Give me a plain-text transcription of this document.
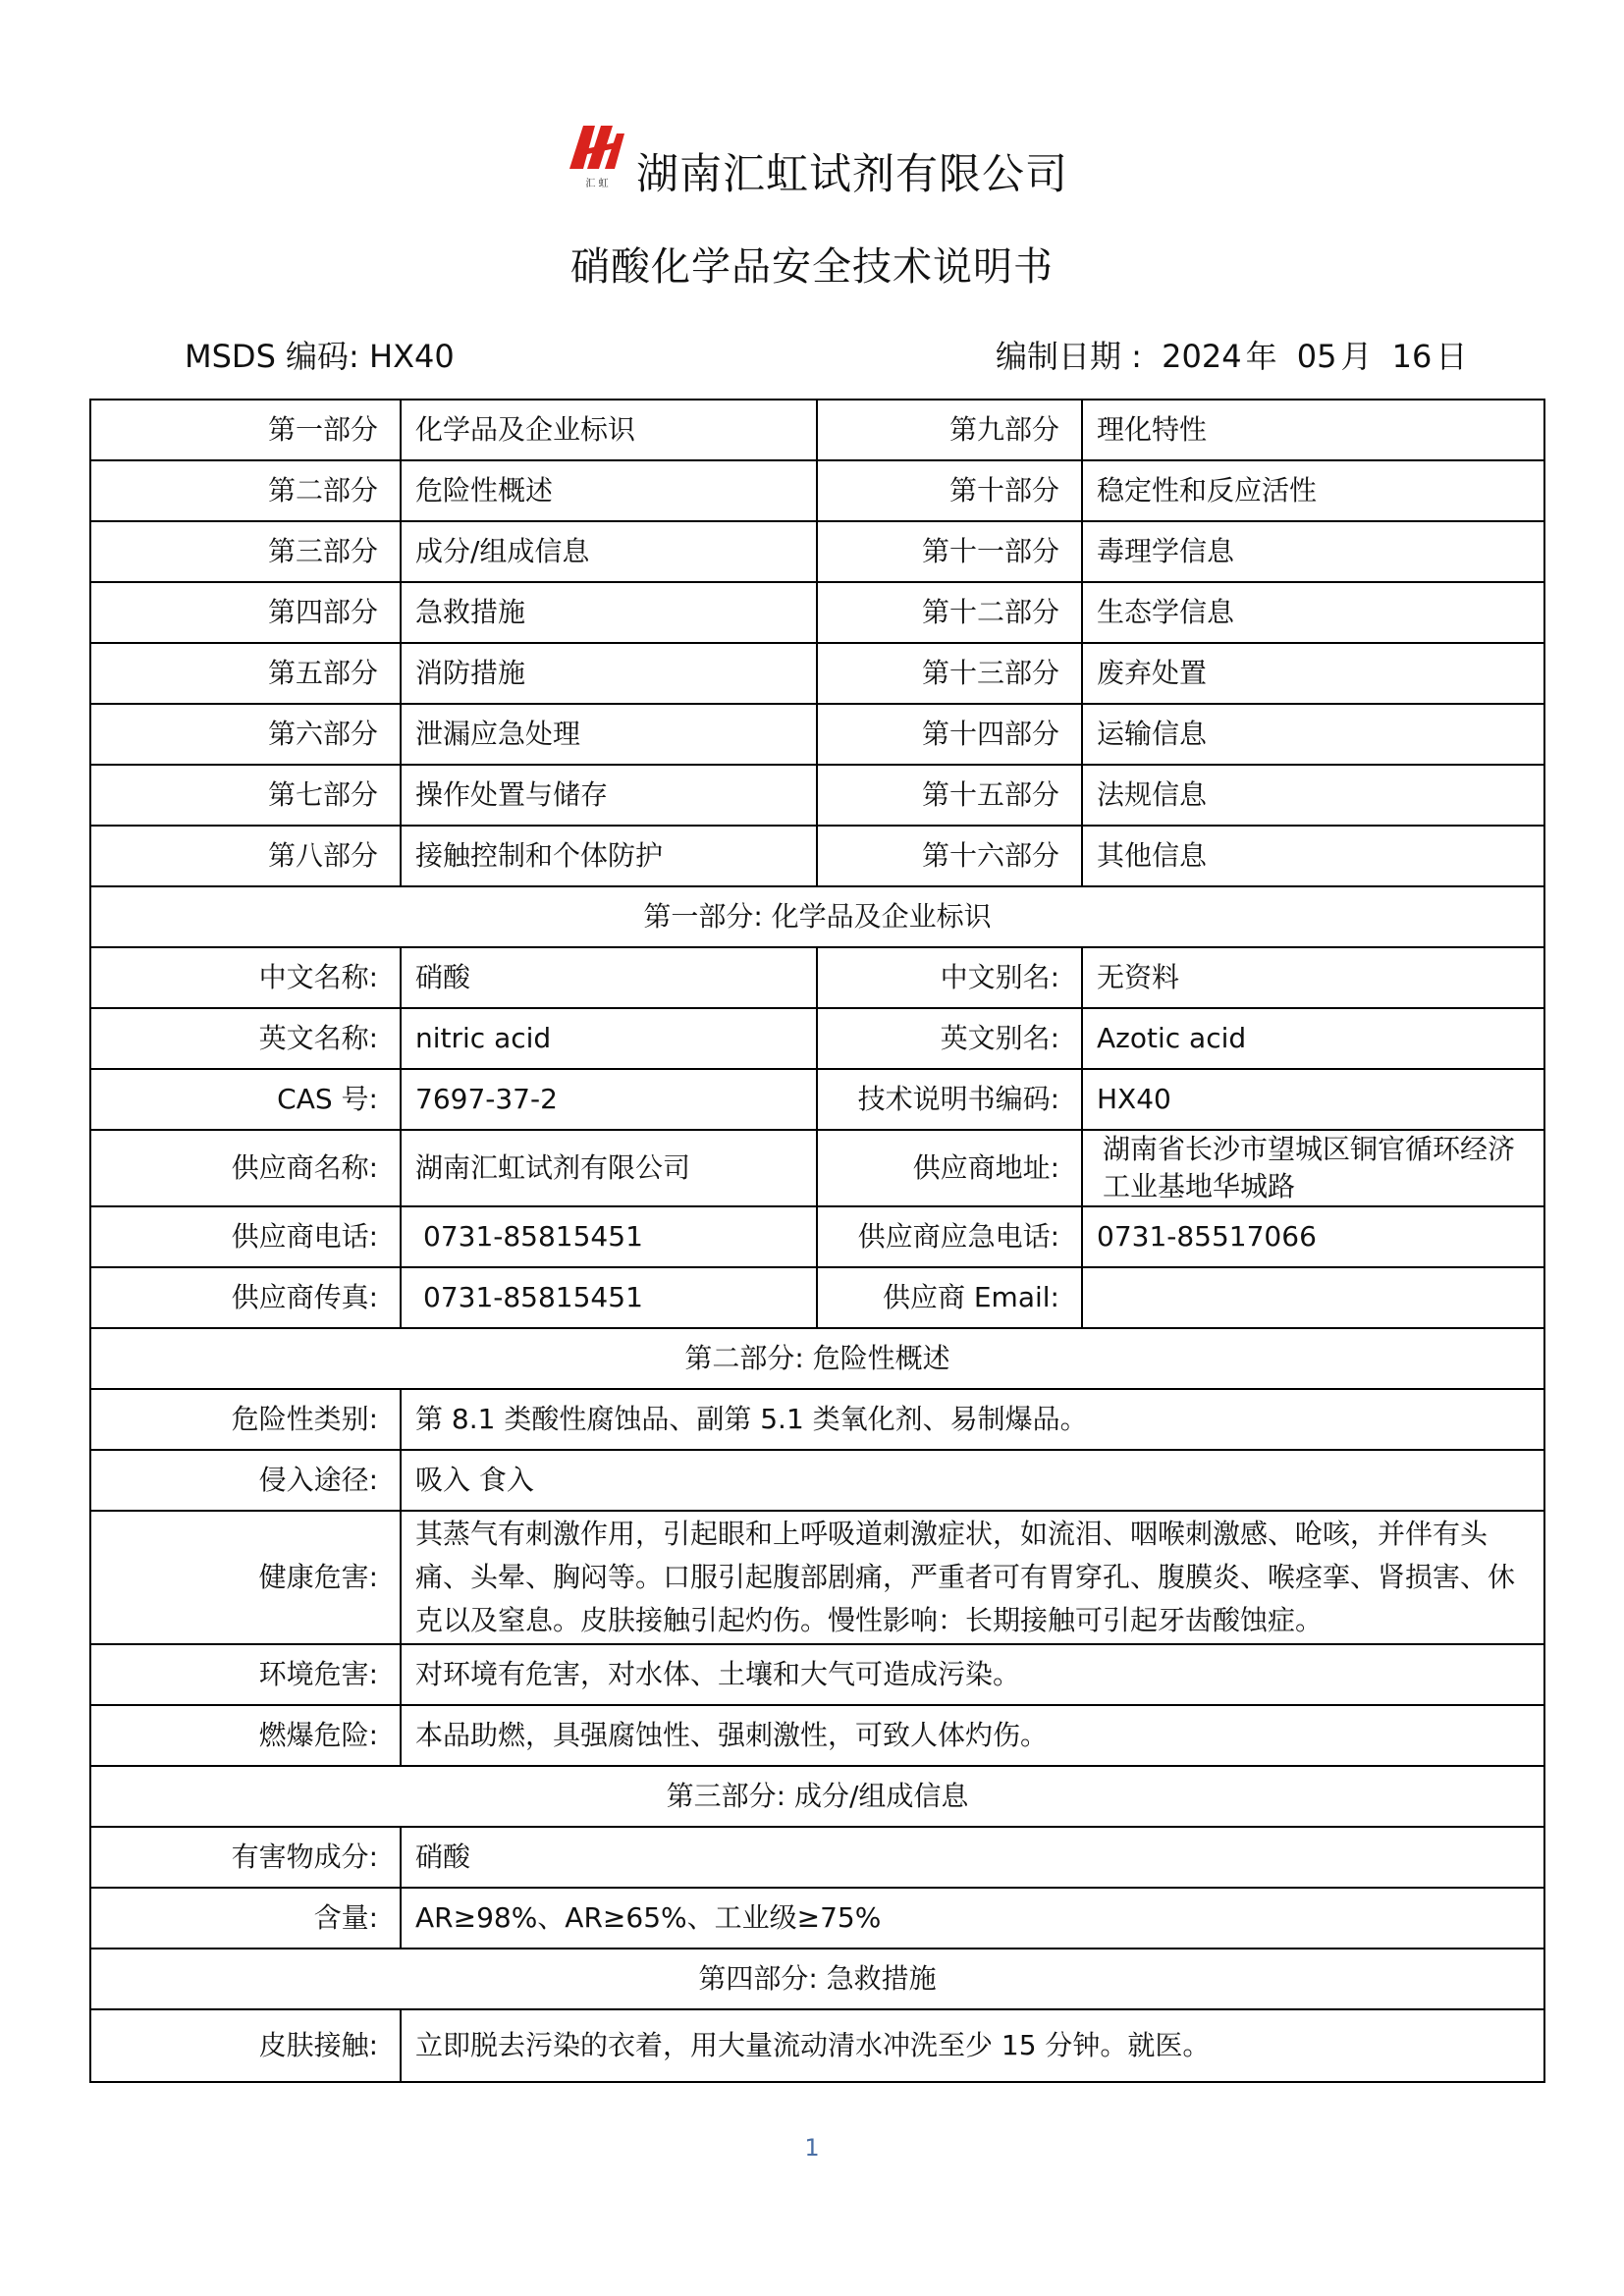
汇 虹 湖南汇虹试剂有限公司
硝酸化学品安全技术说明书
MSDS 编码: HX40	编制日期 : 2024 年 05 月 16 日
第一部分	化学品及企业标识	第九部分	理化特性
第二部分	危险性概述	第十部分	稳定性和反应活性
第三部分	成分/组成信息	第十一部分	毒理学信息
第四部分	急救措施	第十二部分	生态学信息
第五部分	消防措施	第十三部分	废弃处置
第六部分	泄漏应急处理	第十四部分	运输信息
第七部分	操作处置与储存	第十五部分	法规信息
第八部分	接触控制和个体防护	第十六部分	其他信息
第一部分: 化学品及企业标识			
中文名称:	硝酸	中文别名:	无资料
英文名称:	nitric acid	英文别名:	Azotic acid
CAS 号:	7697-37-2	技术说明书编码:	HX40
供应商名称:	湖南汇虹试剂有限公司	供应商地址:	湖南省长沙市望城区铜官循环经济工业基地华城路
供应商电话:	0731-85815451	供应商应急电话:	0731-85517066
供应商传真:	0731-85815451	供应商 Email:	
第二部分: 危险性概述			
危险性类别:	第 8.1 类酸性腐蚀品、副第 5.1 类氧化剂、易制爆品。		
侵入途径:	吸入 食入		
健康危害:	其蒸气有刺激作用，引起眼和上呼吸道刺激症状，如流泪、咽喉刺激感、呛咳，并伴有头痛、头晕、胸闷等。口服引起腹部剧痛，严重者可有胃穿孔、腹膜炎、喉痉挛、肾损害、休克以及窒息。皮肤接触引起灼伤。慢性影响：长期接触可引起牙齿酸蚀症。		
环境危害:	对环境有危害，对水体、土壤和大气可造成污染。		
燃爆危险:	本品助燃，具强腐蚀性、强刺激性，可致人体灼伤。		
第三部分: 成分/组成信息			
有害物成分:	硝酸		
含量:	AR≥98%、AR≥65%、工业级≥75%		
第四部分: 急救措施			
皮肤接触:	立即脱去污染的衣着，用大量流动清水冲洗至少 15 分钟。就医。		
1
